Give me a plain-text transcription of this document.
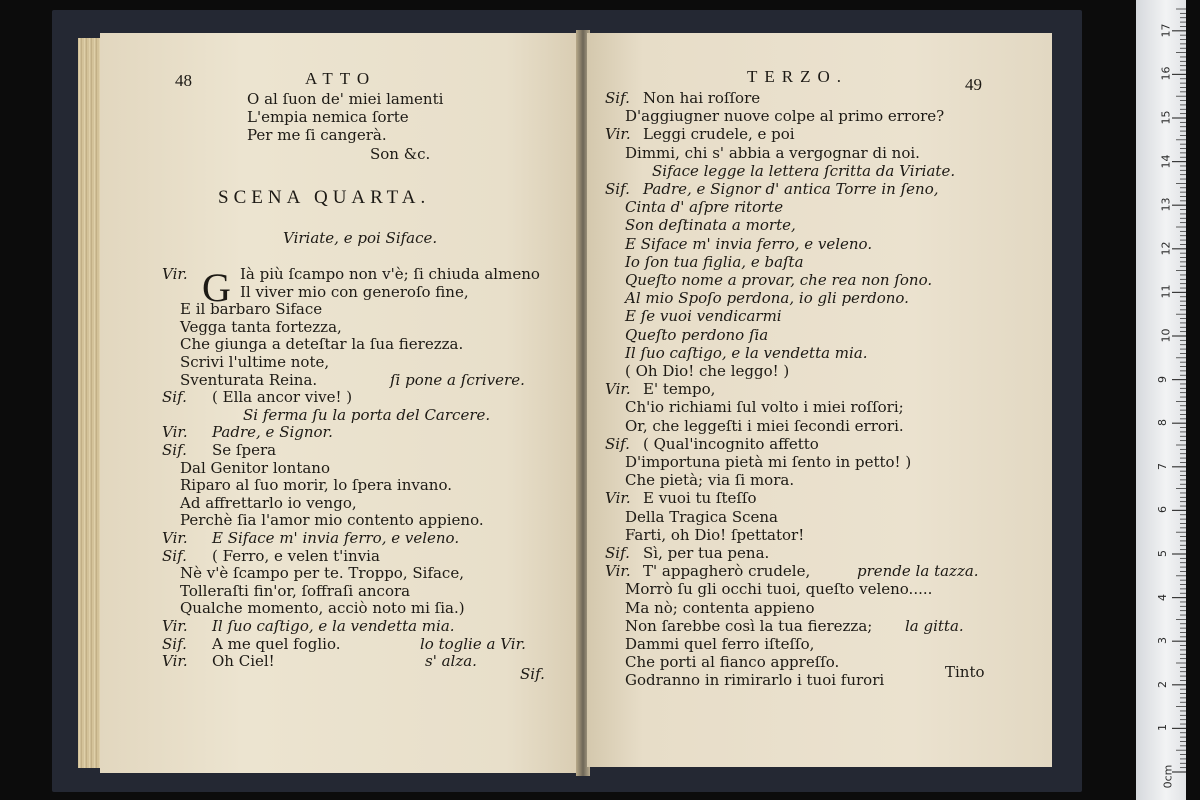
48	ATTO
O al ſuon de' miei lamenti
L'empia nemica ſorte
Per me ſi cangerà.
Son &c.
SCENA QUARTA.
Viriate, e poi Siface.
Vir.	Ià più ſcampo non v'è; ſi chiuda almeno
Il viver mio con generoſo fine,
E il barbaro Siface
Vegga tanta fortezza,
Che giunga a deteſtar la ſua fierezza.
Scrivi l'ultime note,
Sventurata Reina.	ſi pone a ſcrivere.
Sif. ( Ella ancor vive! )
Si ferma ſu la porta del Carcere.
Vir. Padre, e Signor.
Sif. Se ſpera
Dal Genitor lontano
Riparo al ſuo morir, lo ſpera invano.
Ad affrettarlo io vengo,
Perchè ſia l'amor mio contento appieno.
Vir. E Siface m' invia ferro, e veleno.
Sif. ( Ferro, e velen t'invia
Nè v'è ſcampo per te. Troppo, Siface,
Tolleraſti fin'or, ſoffraſi ancora
Qualche momento, acciò noto mi ſia.)
Vir. Il ſuo caſtigo, e la vendetta mia.
Sif. A me quel foglio.	lo toglie a Vir.
Vir. Oh Ciel!	s' alza.
G
Sif.
TERZO.	49
Sif. Non hai roſſore
D'aggiugner nuove colpe al primo errore?
Vir. Leggi crudele, e poi
Dimmi, chi s' abbia a vergognar di noi.
Siface legge la lettera ſcritta da Viriate.
Sif. Padre, e Signor d' antica Torre in ſeno,
Cinta d' aſpre ritorte
Son deſtinata a morte,
E Siface m' invia ferro, e veleno.
Io ſon tua figlia, e baſta
Queſto nome a provar, che rea non ſono.
Al mio Spoſo perdona, io gli perdono.
E ſe vuoi vendicarmi
Queſto perdono ſia
Il ſuo caſtigo, e la vendetta mia.
( Oh Dio! che leggo! )
Vir. E' tempo,
Ch'io richiami ſul volto i miei roſſori;
Or, che leggeſti i miei ſecondi errori.
Sif. ( Qual'incognito affetto
D'importuna pietà mi ſento in petto! )
Che pietà; via ſi mora.
Vir. E vuoi tu ſteſſo
Della Tragica Scena
Farti, oh Dio! ſpettator!
Sif. Sì, per tua pena.
Vir. T' appagherò crudele,	prende la tazza.
Morrò ſu gli occhi tuoi, queſto veleno.....
Ma nò; contenta appieno
Non ſarebbe così la tua fierezza; la gitta.
Dammi quel ferro iſteſſo,
Che porti al fianco appreſſo.
Godranno in rimirarlo i tuoi furori	Tinto
1
2
3
4
5
6
7
8
9
10
11
12
13
14
15
16
17
0cm
